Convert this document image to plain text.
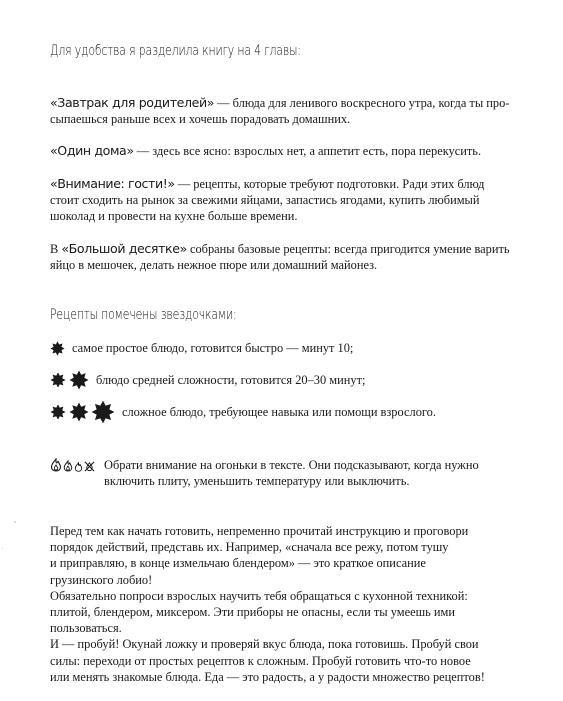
Для удобства я разделила книгу на 4 главы:
«Завтрак для родителей» — блюда для ленивого воскресного утра, когда ты про-
сыпаешься раньше всех и хочешь порадовать домашних.
«Один дома» — здесь все ясно: взрослых нет, а аппетит есть, пора перекусить.
«Внимание: гости!» — рецепты, которые требуют подготовки. Ради этих блюд
стоит сходить на рынок за свежими яйцами, запастись ягодами, купить любимый
шоколад и провести на кухне больше времени.
В «Большой десятке» собраны базовые рецепты: всегда пригодится умение варить
яйцо в мешочек, делать нежное пюре или домашний майонез.
Рецепты помечены звездочками:
самое простое блюдо, готовится быстро — минут 10;
блюдо средней сложности, готовится 20–30 минут;
сложное блюдо, требующее навыка или помощи взрослого.

Обрати внимание на огоньки в тексте. Они подсказывают, когда нужно
включить плиту, уменьшить температуру или выключить.

Перед тем как начать готовить, непременно прочитай инструкцию и проговори
порядок действий, представь их. Например, «сначала все режу, потом тушу
и приправляю, в конце измельчаю блендером» — это краткое описание
грузинского лобио!
Обязательно попроси взрослых научить тебя обращаться с кухонной техникой:
плитой, блендером, миксером. Эти приборы не опасны, если ты умеешь ими
пользоваться.
И — пробуй! Окунай ложку и проверяй вкус блюда, пока готовишь. Пробуй свои
силы: переходи от простых рецептов к сложным. Пробуй готовить что-то новое
или менять знакомые блюда. Еда — это радость, а у радости множество рецептов!
